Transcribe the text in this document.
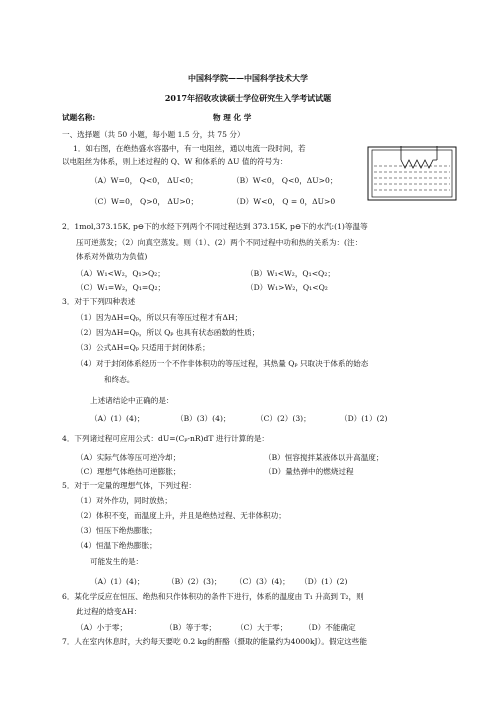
中国科学院——中国科学技术大学
2017年招收攻读硕士学位研究生入学考试试题
试题名称:	物 理 化 学
一、选择题（共 50 小题，每小题 1.5 分，共 75 分）
1．如右图，在绝热盛水容器中，有一电阻丝，通以电流一段时间，若
以电阻丝为体系，则上述过程的 Q、W 和体系的 ΔU 值的符号为：
（A）W=0， Q<0， ΔU<0；	（B）W<0， Q<0，ΔU>0；
（C）W=0， Q>0， ΔU>0；	（D）W<0， Q = 0，ΔU>0
2．1mol,373.15K, p⊖下的水经下列两个不同过程达到 373.15K, p⊖下的水汽:(1)等温等
压可逆蒸发；（2）向真空蒸发。则（1）、(2）两个不同过程中功和热的关系为：(注：
体系对外做功为负值)
（A）W₁<W₂，Q₁>Q₂；	（B）W₁<W₂，Q₁<Q₂；
（C）W₁=W₂，Q₁=Q₂；	（D）W₁>W₂，Q₁<Q₂
3．对于下列四种表述
（1）因为ΔH=Qₚ，所以只有等压过程才有ΔH；
（2）因为ΔH=Qₚ，所以 Qₚ 也具有状态函数的性质；
（3）公式ΔH=Qₚ 只适用于封闭体系；
（4）对于封闭体系经历一个不作非体积功的等压过程，其热量 Qₚ 只取决于体系的始态
和终态。
上述诸结论中正确的是：
（A）(1）(4)；	（B）(3）(4)；	（C）(2）(3)；	（D）(1）(2)
4．下列诸过程可应用公式：dU=(Cₚ-nR)dT 进行计算的是：
（A）实际气体等压可逆冷却；	（B）恒容搅拌某液体以升高温度；
（C）理想气体绝热可逆膨胀；	（D）量热弹中的燃烧过程
5．对于一定量的理想气体，下列过程：
（1）对外作功，同时放热；
（2）体积不变，而温度上升，并且是绝热过程、无非体积功；
（3）恒压下绝热膨胀；
（4）恒温下绝热膨胀；
可能发生的是：
（A）(1）(4)；	（B）(2）(3)； （C）(3）(4)； （D）(1）(2)
6．某化学反应在恒压、绝热和只作体积功的条件下进行，体系的温度由 T₁ 升高到 T₂，则
此过程的焓变ΔH：
（A）小于零；	（B）等于零；	（C）大于零； （D）不能确定
7．人在室内休息时，大约每天要吃 0.2 kg的酐酪（摄取的能量约为4000kJ）。假定这些能
